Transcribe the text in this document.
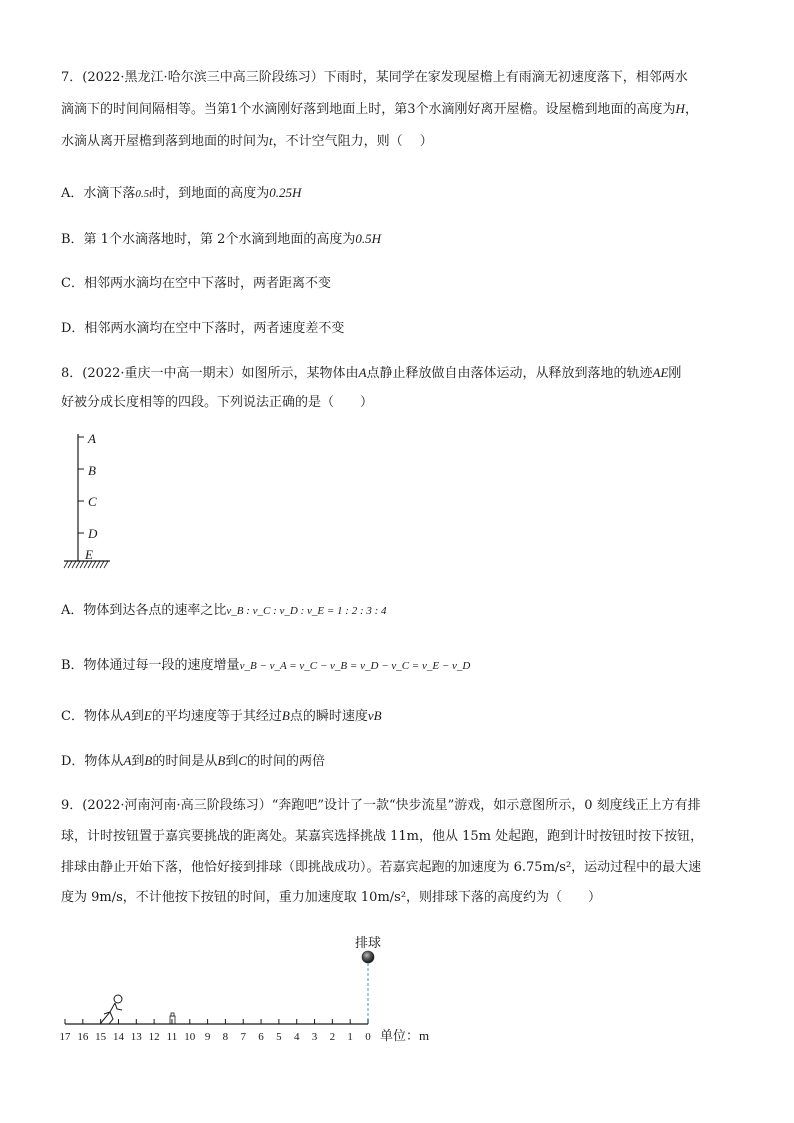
7．(2022·黑龙江·哈尔滨三中高三阶段练习）下雨时，某同学在家发现屋檐上有雨滴无初速度落下，相邻两水
滴滴下的时间间隔相等。当第1个水滴刚好落到地面上时，第3个水滴刚好离开屋檐。设屋檐到地面的高度为H，
水滴从离开屋檐到落到地面的时间为t，不计空气阻力，则（　 ）
A．水滴下落0.5t时，到地面的高度为0.25H
B．第 1个水滴落地时，第 2个水滴到地面的高度为0.5H
C．相邻两水滴均在空中下落时，两者距离不变
D．相邻两水滴均在空中下落时，两者速度差不变
8．(2022·重庆一中高一期末）如图所示，某物体由A点静止释放做自由落体运动，从释放到落地的轨迹AE刚
好被分成长度相等的四段。下列说法正确的是（　　）
A
B
C
D
E
A．物体到达各点的速率之比v_B : v_C : v_D : v_E = 1 : 2 : 3 : 4
B．物体通过每一段的速度增量v_B − v_A = v_C − v_B = v_D − v_C = v_E − v_D
C．物体从A到E的平均速度等于其经过B点的瞬时速度vB
D．物体从A到B的时间是从B到C的时间的两倍
9．(2022·河南河南·高三阶段练习）“奔跑吧”设计了一款“快步流星”游戏，如示意图所示，0 刻度线正上方有排
球，计时按钮置于嘉宾要挑战的距离处。某嘉宾选择挑战 11m，他从 15m 处起跑，跑到计时按钮时按下按钮，
排球由静止开始下落，他恰好接到排球（即挑战成功）。若嘉宾起跑的加速度为 6.75m/s²，运动过程中的最大速
度为 9m/s，不计他按下按钮的时间，重力加速度取 10m/s²，则排球下落的高度约为（　　）
排球
17 16 15 14 13 12 11 10 9 8 7 6 5 4 3 2 1 0 单位：m
